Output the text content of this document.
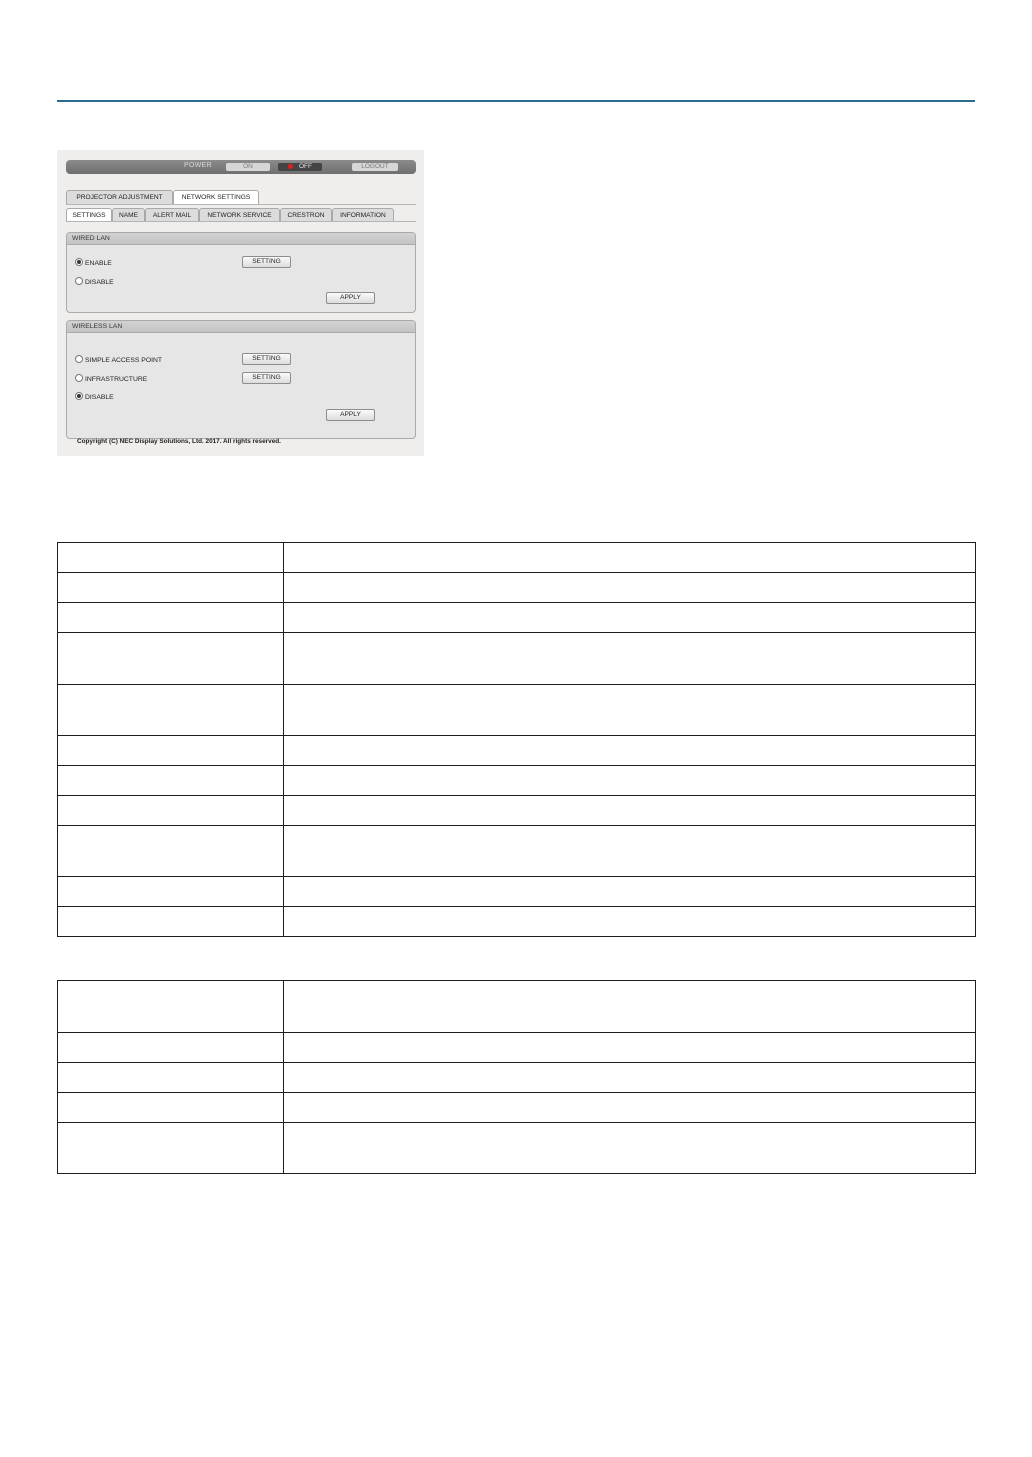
POWER	ON	OFF	LOGOUT
PROJECTOR ADJUSTMENT	NETWORK SETTINGS
SETTINGS	NAME	ALERT MAIL	NETWORK SERVICE	CRESTRON	INFORMATION
WIRED LAN
ENABLE
DISABLE
SETTING
APPLY
WIRELESS LAN
SIMPLE ACCESS POINT
INFRASTRUCTURE
DISABLE
SETTING
SETTING
APPLY
Copyright (C) NEC Display Solutions, Ltd. 2017. All rights reserved.
